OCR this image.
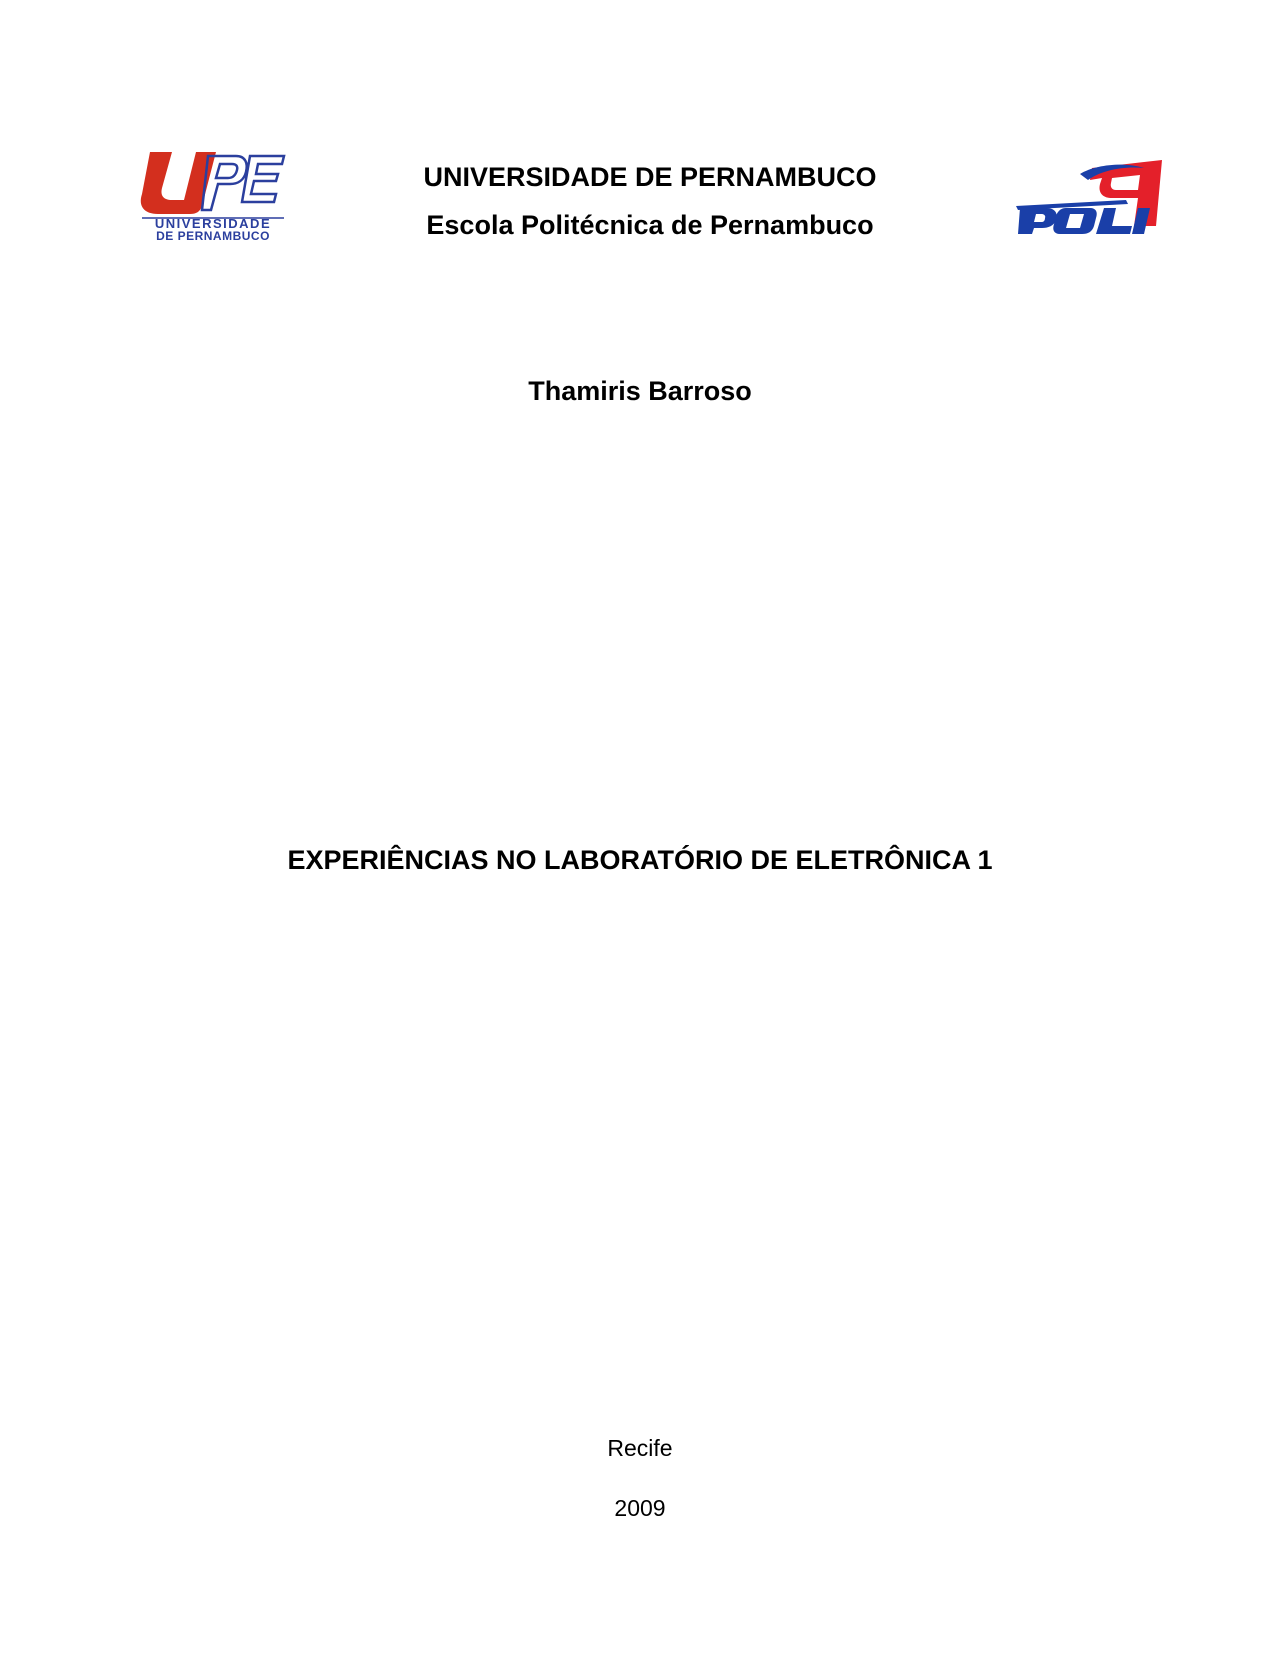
UNIVERSIDADE
DE PERNAMBUCO
UNIVERSIDADE DE PERNAMBUCO
Escola Politécnica de Pernambuco
Thamiris Barroso
EXPERIÊNCIAS NO LABORATÓRIO DE ELETRÔNICA 1
Recife
2009
